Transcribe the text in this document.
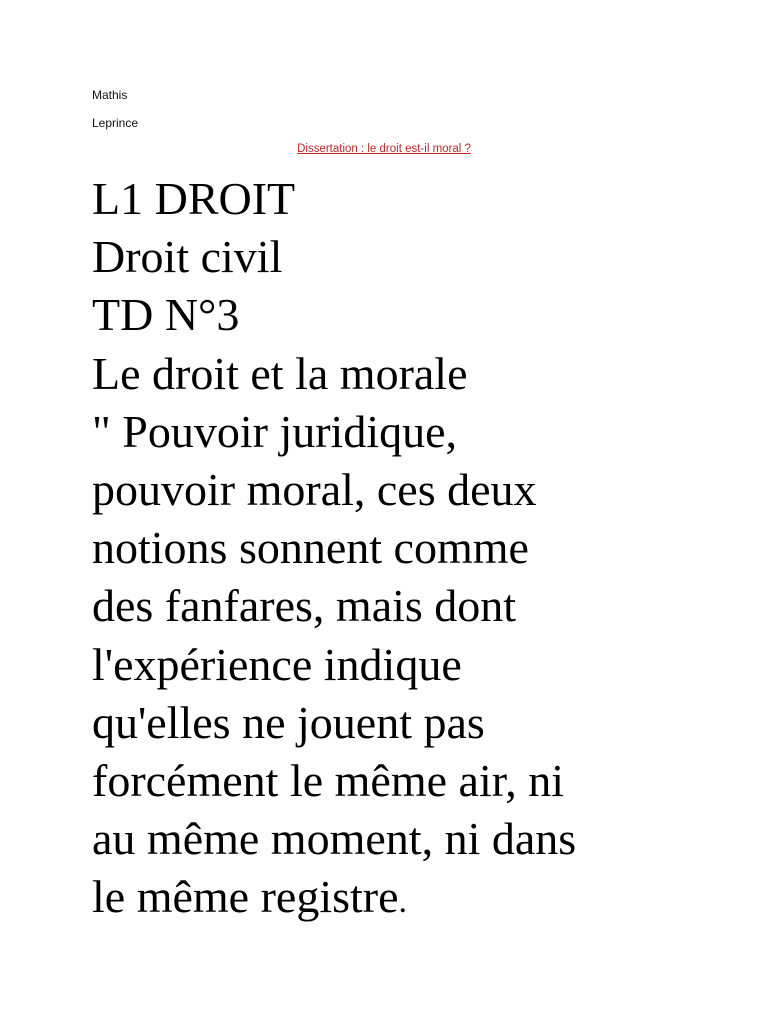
Mathis
Leprince
Dissertation : le droit est-il moral ?
L1 DROIT
Droit civil
TD N°3
Le droit et la morale
" Pouvoir juridique,
pouvoir moral, ces deux
notions sonnent comme
des fanfares, mais dont
l'expérience indique
qu'elles ne jouent pas
forcément le même air, ni
au même moment, ni dans
le même registre.
